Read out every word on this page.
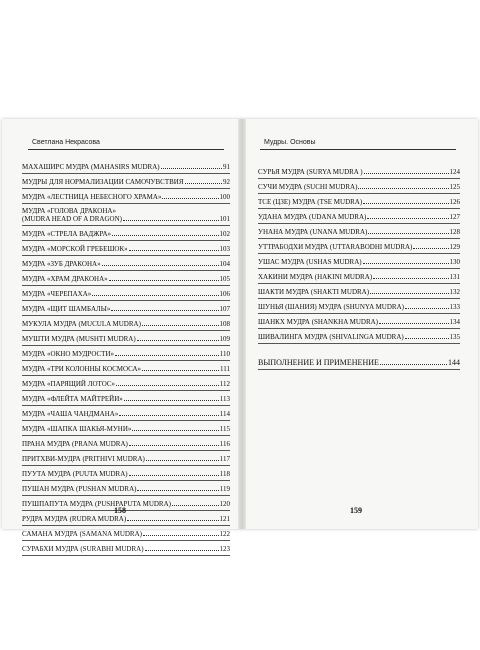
Светлана Некрасова
МАХАШИРС МУДРА (MAHASIRS MUDRA)	91
МУДРЫ ДЛЯ НОРМАЛИЗАЦИИ САМОЧУВСТВИЯ	92
МУДРА «ЛЕСТНИЦА НЕБЕСНОГО ХРАМА»	100
МУДРА «ГОЛОВА ДРАКОНА»
(MUDRA HEAD OF A DRAGON)	101
МУДРА «СТРЕЛА ВАДЖРА»	102
МУДРА «МОРСКОЙ ГРЕБЕШОК»	103
МУДРА «ЗУБ ДРАКОНА»	104
МУДРА «ХРАМ ДРАКОНА»	105
МУДРА «ЧЕРЕПАХА»	106
МУДРА «ЩИТ ШАМБАЛЫ»	107
МУКУЛА МУДРА (MUCULA MUDRA)	108
МУШТИ МУДРА (MUSHTI MUDRA)	109
МУДРА «ОКНО МУДРОСТИ»	110
МУДРА «ТРИ КОЛОННЫ КОСМОСА»	111
МУДРА «ПАРЯЩИЙ ЛОТОС»	112
МУДРА «ФЛЕЙТА МАЙТРЕЙИ»	113
МУДРА «ЧАША ЧАНДМАНА»	114
МУДРА «ШАПКА ШАКЬЯ-МУНИ»	115
ПРАНА МУДРА (PRANA MUDRA)	116
ПРИТХВИ-МУДРА (PRITHIVI MUDRA)	117
ПУУТА МУДРА (PUUTA MUDRA)	118
ПУШАН МУДРА (PUSHAN MUDRA)	119
ПУШПАПУТА МУДРА (PUSHPAPUTA MUDRA)	120
РУДРА МУДРА (RUDRA MUDRA)	121
САМАНА МУДРА (SAMANA MUDRA)	122
СУРАБХИ МУДРА (SURABHI MUDRA)	123
158
Мудры. Основы
СУРЬЯ МУДРА (SURYA MUDRA )	124
СУЧИ МУДРА (SUCHI MUDRA)	125
ТСЕ (ЦЗЕ) МУДРА (TSE MUDRA)	126
УДАНА МУДРА (UDANA MUDRA)	127
УНАНА МУДРА (UNANA MUDRA)	128
УТТРАБОДХИ МУДРА (UTTARABODHI MUDRA)	129
УШАС МУДРА (USHAS MUDRA)	130
ХАКИНИ МУДРА (HAKINI MUDRA)	131
ШАКТИ МУДРА (SHAKTI MUDRA)	132
ШУНЬЯ (ШАНИЯ) МУДРА (SHUNYA MUDRA)	133
ШАНКХ МУДРА (SHANKHA MUDRA)	134
ШИВАЛИНГА МУДРА (SHIVALINGA MUDRA)	135
ВЫПОЛНЕНИЕ И ПРИМЕНЕНИЕ	144
159
